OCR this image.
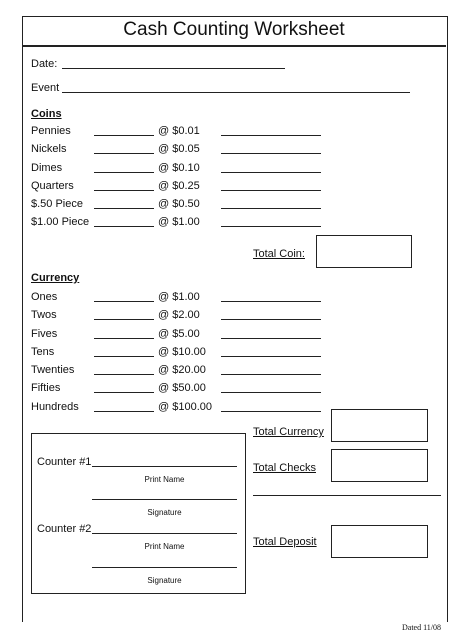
Cash Counting Worksheet
Date:
Event
Coins
Pennies	@ $0.01
Nickels	@ $0.05
Dimes	@ $0.10
Quarters	@ $0.25
$.50 Piece	@ $0.50
$1.00 Piece	@ $1.00
Total Coin:
Currency
Ones	@ $1.00
Twos	@ $2.00
Fives	@ $5.00
Tens	@ $10.00
Twenties	@ $20.00
Fifties	@ $50.00
Hundreds	@ $100.00
Counter #1
Print Name
Signature
Counter #2
Print Name
Signature
Total Currency
Total Checks
Total Deposit
Dated 11/08
